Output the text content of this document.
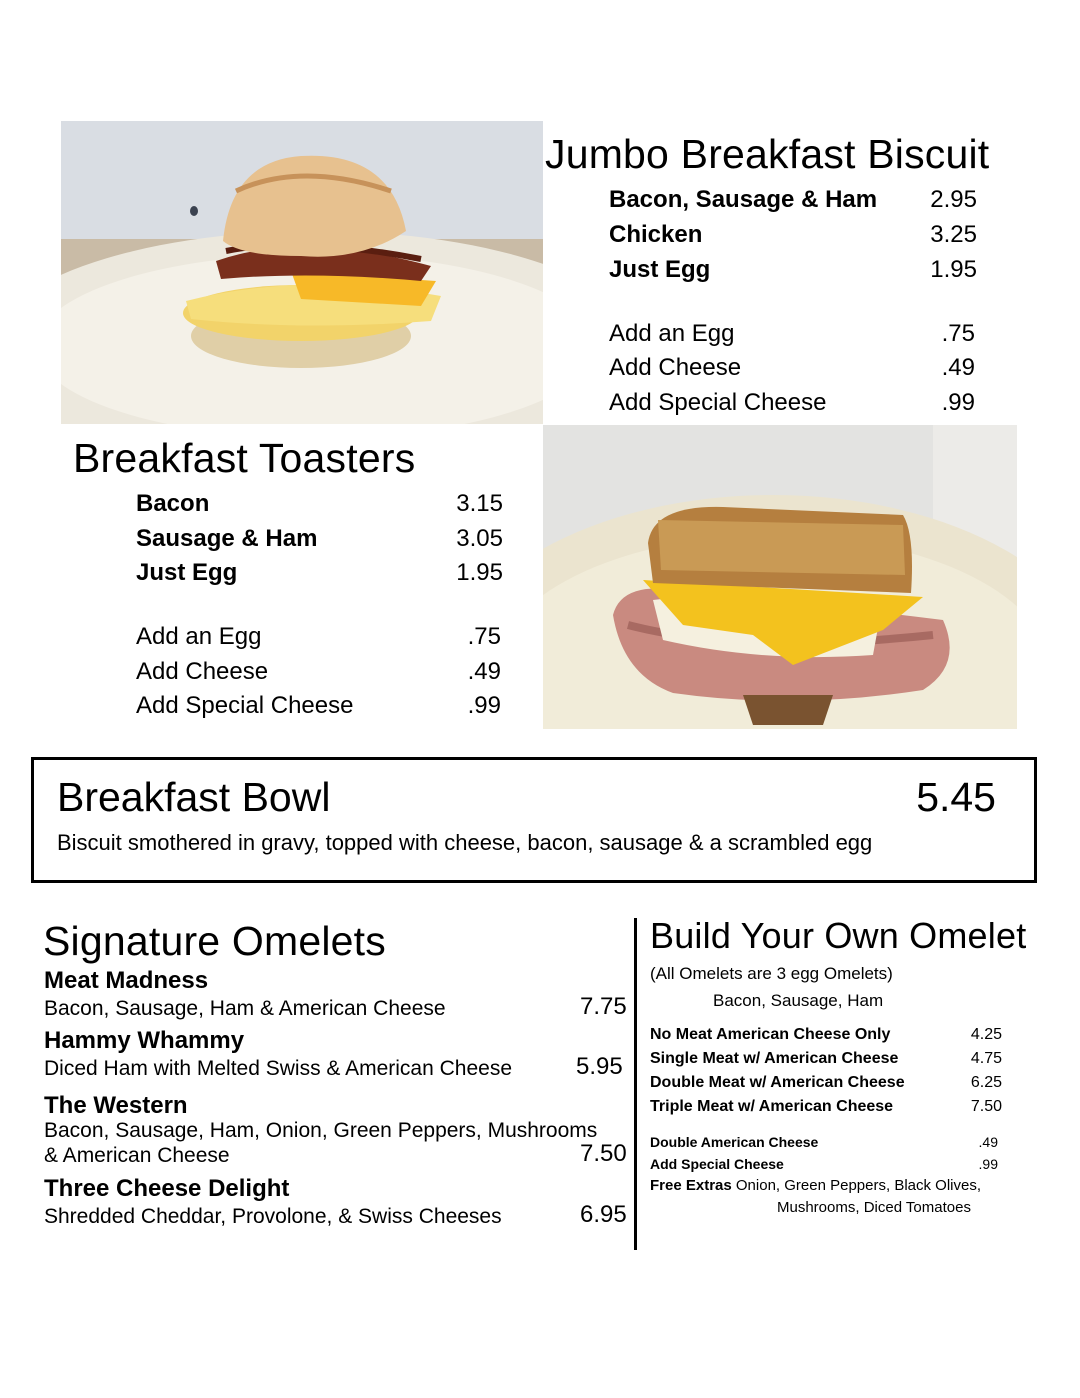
Jumbo Breakfast Biscuit
Bacon, Sausage & Ham 2.95
Chicken	3.25
Just Egg	1.95
Add an Egg	.75
Add Cheese	.49
Add Special Cheese	.99
Breakfast Toasters
Bacon	3.15
Sausage & Ham	3.05
Just Egg	1.95
Add an Egg	.75
Add Cheese	.49
Add Special Cheese	.99
Breakfast Bowl	5.45
Biscuit smothered in gravy, topped with cheese, bacon, sausage & a scrambled egg
Signature Omelets
Meat Madness
Bacon, Sausage, Ham & American Cheese	7.75
Hammy Whammy
Diced Ham with Melted Swiss & American Cheese	5.95
The Western
Bacon, Sausage, Ham, Onion, Green Peppers, Mushrooms
& American Cheese	7.50
Three Cheese Delight
Shredded Cheddar, Provolone, & Swiss Cheeses	6.95
Build Your Own Omelet
(All Omelets are 3 egg Omelets)
Bacon, Sausage, Ham
No Meat American Cheese Only	4.25
Single Meat w/ American Cheese	4.75
Double Meat w/ American Cheese	6.25
Triple Meat w/ American Cheese	7.50
Double American Cheese	.49
Add Special Cheese	.99
Free Extras Onion, Green Peppers, Black Olives,
Mushrooms, Diced Tomatoes
